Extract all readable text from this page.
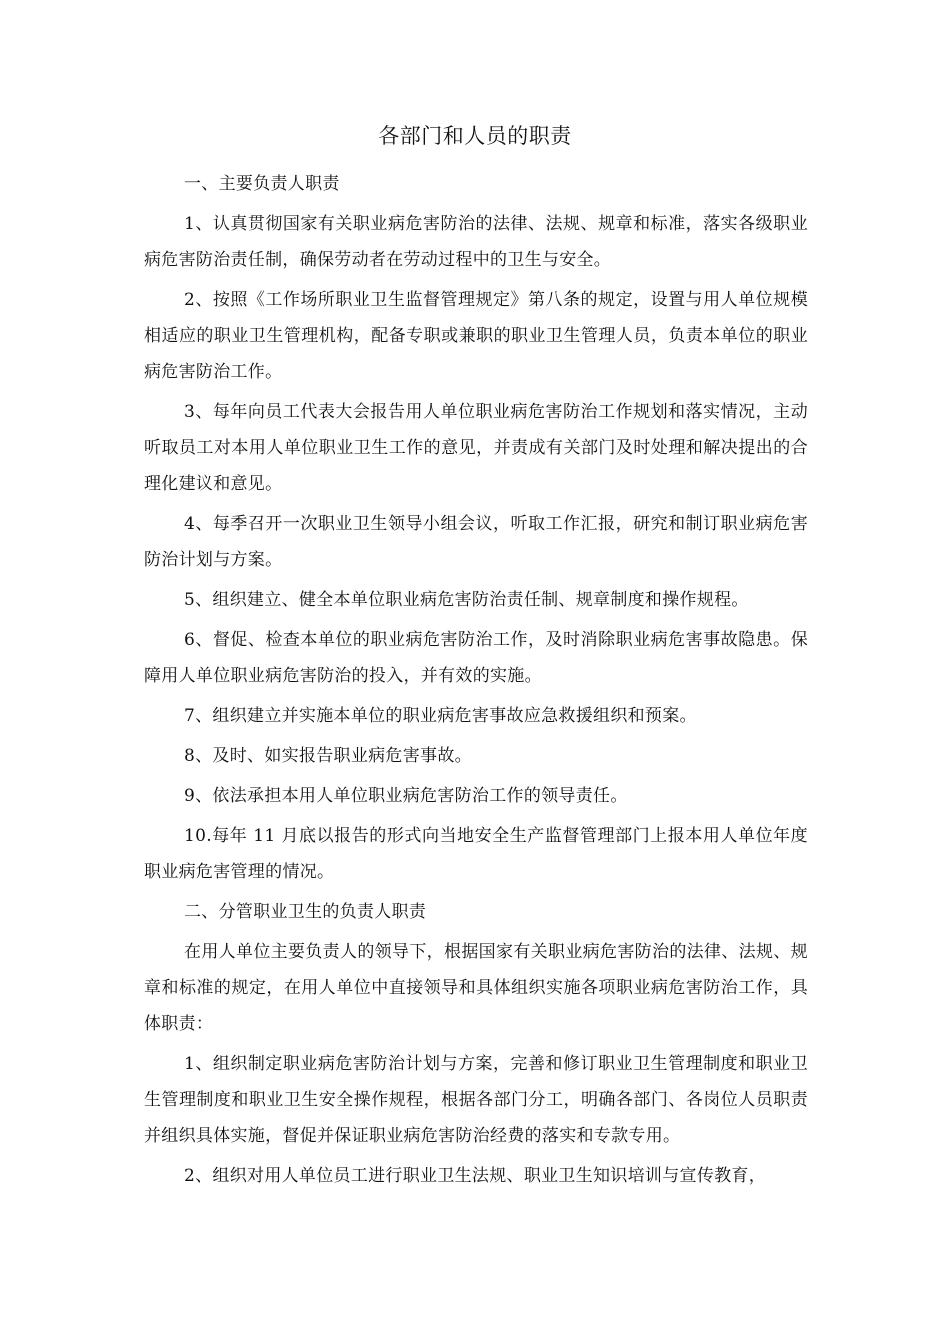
各部门和人员的职责

一、主要负责人职责

1、认真贯彻国家有关职业病危害防治的法律、法规、规章和标准，落实各级职业病危害防治责任制，确保劳动者在劳动过程中的卫生与安全。

2、按照《工作场所职业卫生监督管理规定》第八条的规定，设置与用人单位规模相适应的职业卫生管理机构，配备专职或兼职的职业卫生管理人员，负责本单位的职业病危害防治工作。

3、每年向员工代表大会报告用人单位职业病危害防治工作规划和落实情况，主动听取员工对本用人单位职业卫生工作的意见，并责成有关部门及时处理和解决提出的合理化建议和意见。

4、每季召开一次职业卫生领导小组会议，听取工作汇报，研究和制订职业病危害防治计划与方案。

5、组织建立、健全本单位职业病危害防治责任制、规章制度和操作规程。

6、督促、检查本单位的职业病危害防治工作，及时消除职业病危害事故隐患。保障用人单位职业病危害防治的投入，并有效的实施。

7、组织建立并实施本单位的职业病危害事故应急救援组织和预案。

8、及时、如实报告职业病危害事故。

9、依法承担本用人单位职业病危害防治工作的领导责任。

10.每年 11 月底以报告的形式向当地安全生产监督管理部门上报本用人单位年度职业病危害管理的情况。

二、分管职业卫生的负责人职责

在用人单位主要负责人的领导下，根据国家有关职业病危害防治的法律、法规、规章和标准的规定，在用人单位中直接领导和具体组织实施各项职业病危害防治工作，具体职责：

1、组织制定职业病危害防治计划与方案，完善和修订职业卫生管理制度和职业卫生管理制度和职业卫生安全操作规程，根据各部门分工，明确各部门、各岗位人员职责并组织具体实施，督促并保证职业病危害防治经费的落实和专款专用。

2、组织对用人单位员工进行职业卫生法规、职业卫生知识培训与宣传教育，
